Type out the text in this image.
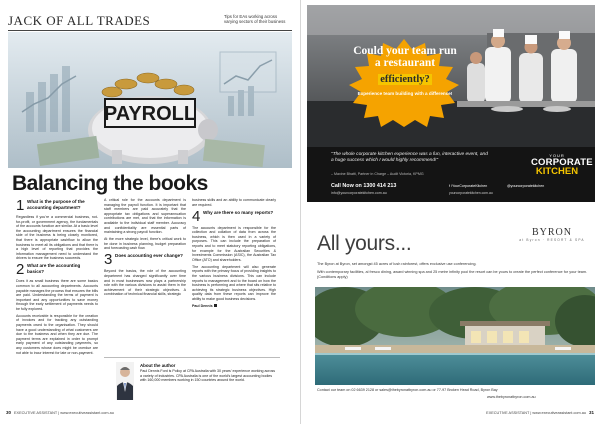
JACK OF ALL TRADES	Tips for EAs working across varying sectors of their business
PAYROLL
Balancing the books
1 What is the purpose of the accounting department?

Regardless if you're a commercial business, not-for-profit, or government agency, the fundamentals of the accounts function are similar. At a basic level the accounting department ensures the financial side of the business is being closely monitored, that there is appropriate cashflow to allow the business to meet all its obligations and that there is a high level of reporting that provides the information management need to understand the drivers to ensure the business succeeds.

2 What are the accounting basics?

Does it as small business there are some basics common to all accounting departments. Accounts payable manages the process that ensures the bills are paid. Understanding the terms of payment is important and any opportunities to save money through the early settlement of payments needs to be fully explored.

Accounts receivable is responsible for the creation of invoices and for tracking any outstanding payments owed to the organisation. They should have a good understanding of what customers are due to the business and when they are due. The payment terms are explained in order to prompt early payment of any outstanding payments, so any customers whose does might be overdue are not able to incur interest for late or non-payment.

A critical role for the accounts department is managing the payroll function. It is important that staff members are paid accurately that the appropriate tax obligations and superannuation contributions are met, and that the information is available to the individual staff member. Accuracy and confidentiality are essential parts of maintaining a strong payroll function.

At the more strategic level, there's critical work to be done in business planning, budget preparation and forecasting cash flow.

3 Does accounting ever change?

Beyond the basics, the role of the accounting department has changed significantly over time and in most businesses now plays a partnership role with the various divisions to assist them in the achievement of their strategic objectives. A combination of technical financial skills, strategic

business skills and an ability to communicate clearly are required.

4 Why are there so many reports?

The accounts department is responsible for the collection and collation of data from across the business, which is then used in a variety of purposes. This can include the preparation of reports and to meet statutory reporting obligations, for example for the Australian Securities & Investments Commission (ASIC), the Australian Tax Office (ATO) and shareholders.

The accounting department will also generate reports with the primary focus of providing insights to the various business divisions. This can include reports to management and to the board on how the business is performing and where that sits relative to achieving its strategic business objectives. High quality data from these reports can improve the ability to make good business decisions.

Paul Dennis

About the author
Paul Dennis Ford is Policy at CPA Australia with 30 years' experience working across a variety of industries. CPA Australia is one of the world's largest accounting bodies with 160,000 members working in 150 countries around the world.
30 EXECUTIVE ASSISTANT | www.executiveassistant.com.au
Could your team run a restaurant
efficiently?
Experience team building with a difference!
"The whole corporate kitchen experience was a fun, interactive event, and a huge success which I would highly recommend!"
– Maxine Bhatti, Partner in Charge – Audit Victoria, KPMG
YOUR
CORPORATE
KITCHEN
Call Now on 1300 414 213
info@yourcorporatekitchen.com.au
f /YourCorporateKitchen
yourcorporatekitchen.com.au
@yourcorporatekitchen
All yours...	BYRON
at Byron · RESORT & SPA

The Byron at Byron, set amongst 45 acres of lush rainforest, offers exclusive use conferencing.

With contemporary facilities, al fresco dining, award winning spa and 25 metre infinity pool the resort can be yours to create the perfect conference for your team. (Conditions apply)

Contact our team on 02 6639 2128 or sales@thebyronatbyron.com.au or 77-97 Broken Head Road, Byron Bay
www.thebyronatbyron.com.au
EXECUTIVE ASSISTANT | www.executiveassistant.com.au 31
